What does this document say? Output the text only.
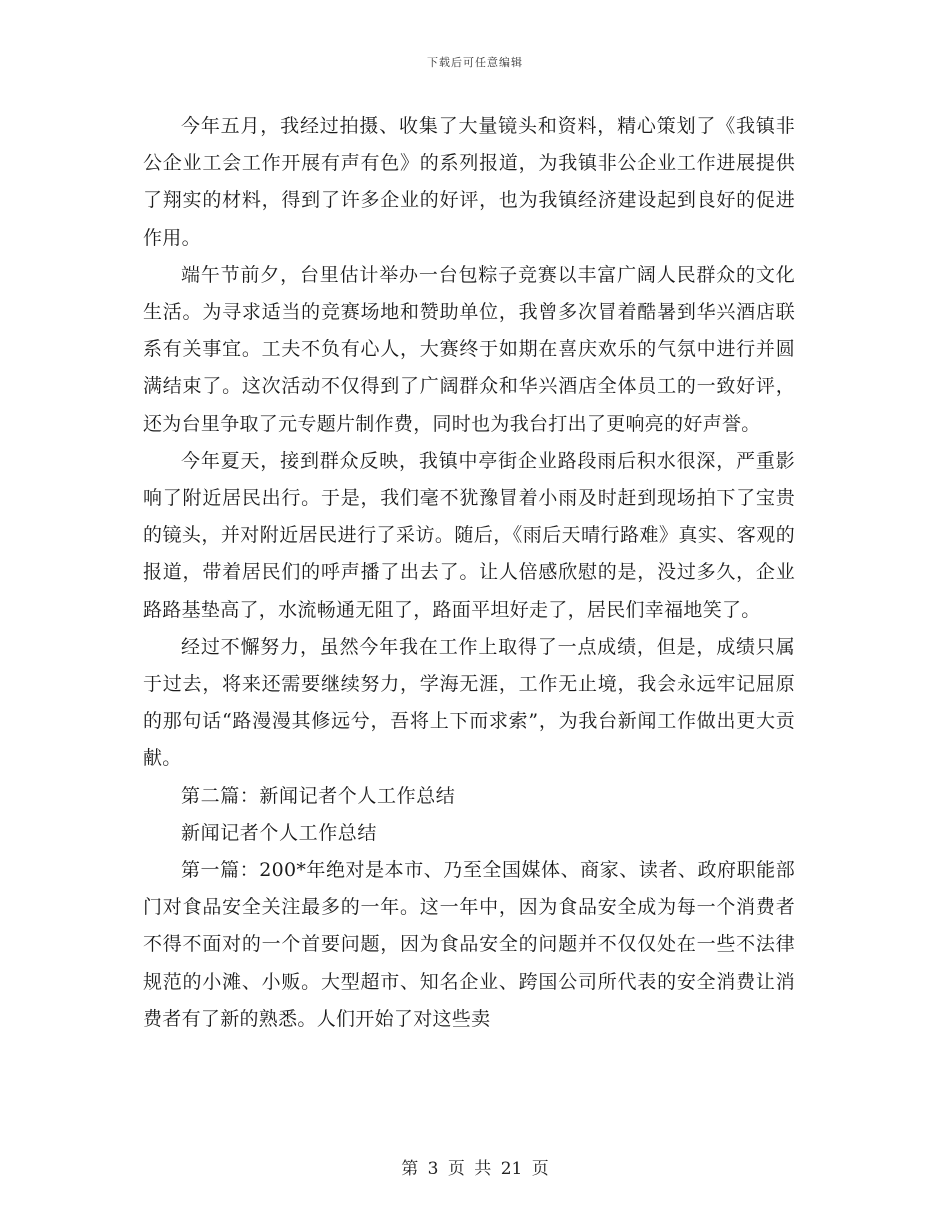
下载后可任意编辑

今年五月，我经过拍摄、收集了大量镜头和资料，精心策划了《我镇非公企业工会工作开展有声有色》的系列报道，为我镇非公企业工作进展提供了翔实的材料，得到了许多企业的好评，也为我镇经济建设起到良好的促进作用。

端午节前夕，台里估计举办一台包粽子竞赛以丰富广阔人民群众的文化生活。为寻求适当的竞赛场地和赞助单位，我曾多次冒着酷暑到华兴酒店联系有关事宜。工夫不负有心人，大赛终于如期在喜庆欢乐的气氛中进行并圆满结束了。这次活动不仅得到了广阔群众和华兴酒店全体员工的一致好评，还为台里争取了元专题片制作费，同时也为我台打出了更响亮的好声誉。

今年夏天，接到群众反映，我镇中亭街企业路段雨后积水很深，严重影响了附近居民出行。于是，我们毫不犹豫冒着小雨及时赶到现场拍下了宝贵的镜头，并对附近居民进行了采访。随后，《雨后天晴行路难》真实、客观的报道，带着居民们的呼声播了出去了。让人倍感欣慰的是，没过多久，企业路路基垫高了，水流畅通无阻了，路面平坦好走了，居民们幸福地笑了。

经过不懈努力，虽然今年我在工作上取得了一点成绩，但是，成绩只属于过去，将来还需要继续努力，学海无涯，工作无止境，我会永远牢记屈原的那句话“路漫漫其修远兮，吾将上下而求索”，为我台新闻工作做出更大贡献。

第二篇：新闻记者个人工作总结

新闻记者个人工作总结

第一篇：200*年绝对是本市、乃至全国媒体、商家、读者、政府职能部门对食品安全关注最多的一年。这一年中，因为食品安全成为每一个消费者不得不面对的一个首要问题，因为食品安全的问题并不仅仅处在一些不法律规范的小滩、小贩。大型超市、知名企业、跨国公司所代表的安全消费让消费者有了新的熟悉。人们开始了对这些卖

第 3 页 共 21 页
